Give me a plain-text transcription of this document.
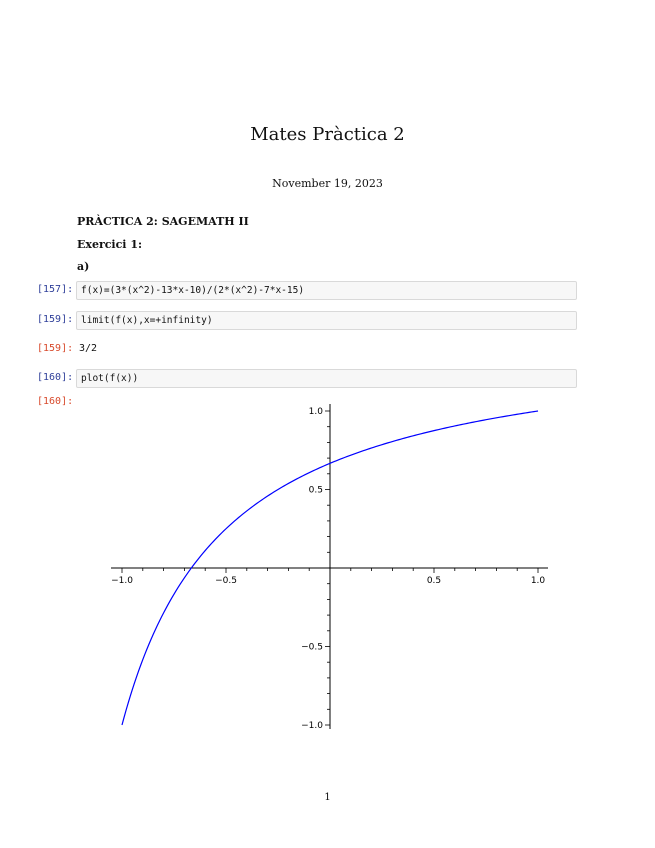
Mates Pràctica 2
November 19, 2023
PRÀCTICA 2: SAGEMATH II
Exercici 1:
a)
[157]: f(x)=(3*(x^2)-13*x-10)/(2*(x^2)-7*x-15)
[159]: limit(f(x),x=+infinity)
[159]: 3/2
[160]: plot(f(x))
[160]:
−1.0	−0.5	0.5	1.0
1.0
0.5
−0.5
−1.0
1
